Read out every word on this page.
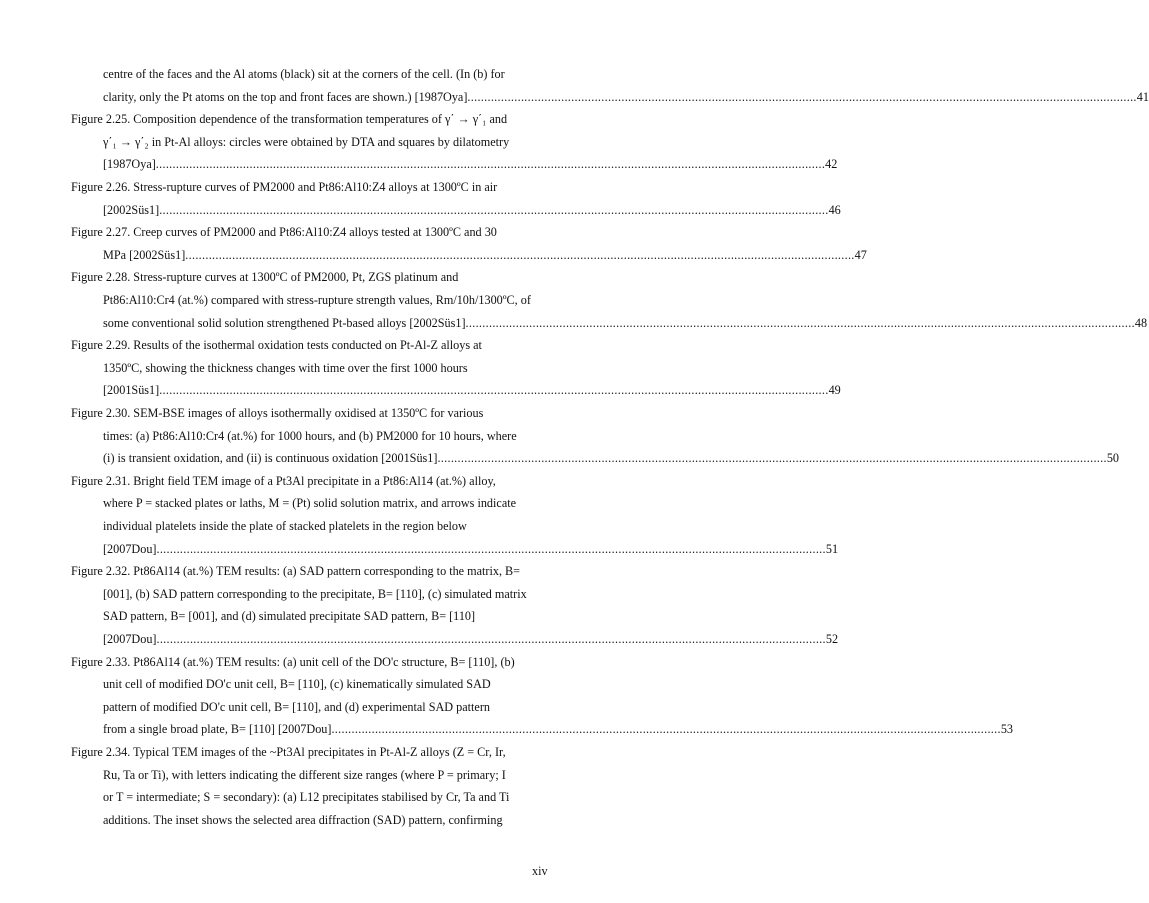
centre of the faces and the Al atoms (black) sit at the corners of the cell. (In (b) for
clarity, only the Pt atoms on the top and front faces are shown.) [1987Oya] ........................................................................................................................................................................................................ 41
Figure 2.25. Composition dependence of the transformation temperatures of γ΄ → γ΄₁ and
γ΄₁ → γ΄₂ in Pt-Al alloys: circles were obtained by DTA and squares by dilatometry
[1987Oya] ........................................................................................................................................................................................................ 42
Figure 2.26. Stress-rupture curves of PM2000 and Pt86:Al10:Z4 alloys at 1300ºC in air
[2002Süs1] ........................................................................................................................................................................................................ 46
Figure 2.27. Creep curves of PM2000 and Pt86:Al10:Z4 alloys tested at 1300ºC and 30
MPa [2002Süs1] ........................................................................................................................................................................................................ 47
Figure 2.28. Stress-rupture curves at 1300ºC of PM2000, Pt, ZGS platinum and
Pt86:Al10:Cr4 (at.%) compared with stress-rupture strength values, Rm/10h/1300ºC, of
some conventional solid solution strengthened Pt-based alloys [2002Süs1] ........................................................................................................................................................................................................ 48
Figure 2.29. Results of the isothermal oxidation tests conducted on Pt-Al-Z alloys at
1350ºC, showing the thickness changes with time over the first 1000 hours
[2001Süs1] ........................................................................................................................................................................................................ 49
Figure 2.30. SEM-BSE images of alloys isothermally oxidised at 1350ºC for various
times: (a) Pt86:Al10:Cr4 (at.%) for 1000 hours, and (b) PM2000 for 10 hours, where
(i) is transient oxidation, and (ii) is continuous oxidation [2001Süs1] ........................................................................................................................................................................................................ 50
Figure 2.31. Bright field TEM image of a Pt3Al precipitate in a Pt86:Al14 (at.%) alloy,
where P = stacked plates or laths, M = (Pt) solid solution matrix, and arrows indicate
individual platelets inside the plate of stacked platelets in the region below
[2007Dou] ........................................................................................................................................................................................................ 51
Figure 2.32. Pt86Al14 (at.%) TEM results: (a) SAD pattern corresponding to the matrix, B=
[001], (b) SAD pattern corresponding to the precipitate, B= [110], (c) simulated matrix
SAD pattern, B= [001], and (d) simulated precipitate SAD pattern, B= [110]
[2007Dou] ........................................................................................................................................................................................................ 52
Figure 2.33. Pt86Al14 (at.%) TEM results: (a) unit cell of the DO'c structure, B= [110], (b)
unit cell of modified DO'c unit cell, B= [110], (c) kinematically simulated SAD
pattern of modified DO'c unit cell, B= [110], and (d) experimental SAD pattern
from a single broad plate, B= [110] [2007Dou] ........................................................................................................................................................................................................ 53
Figure 2.34. Typical TEM images of the ~Pt3Al precipitates in Pt-Al-Z alloys (Z = Cr, Ir,
Ru, Ta or Ti), with letters indicating the different size ranges (where P = primary; I
or T = intermediate; S = secondary): (a) L12 precipitates stabilised by Cr, Ta and Ti
additions. The inset shows the selected area diffraction (SAD) pattern, confirming
xiv
